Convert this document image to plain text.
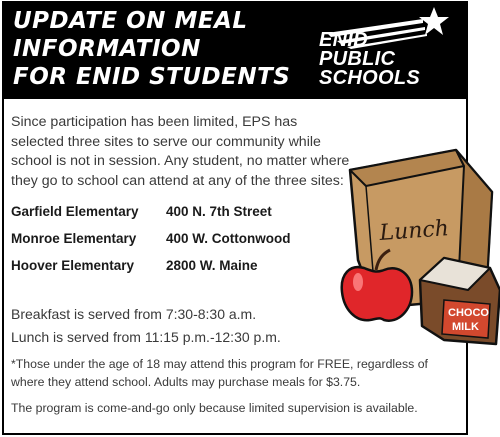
UPDATE ON MEAL
INFORMATION
FOR ENID STUDENTS
ENID
PUBLIC
SCHOOLS

Since participation has been limited, EPS has selected three sites to serve our community while school is not in session. Any student, no matter where they go to school can attend at any of the three sites:

Garfield Elementary 400 N. 7th Street
Monroe Elementary 400 W. Cottonwood
Hoover Elementary 2800 W. Maine
Breakfast is served from 7:30-8:30 a.m.
Lunch is served from 11:15 p.m.-12:30 p.m.

*Those under the age of 18 may attend this program for FREE, regardless of where they attend school. Adults may purchase meals for $3.75.

The program is come-and-go only because limited supervision is available.

Lunch
CHOCO
MILK
